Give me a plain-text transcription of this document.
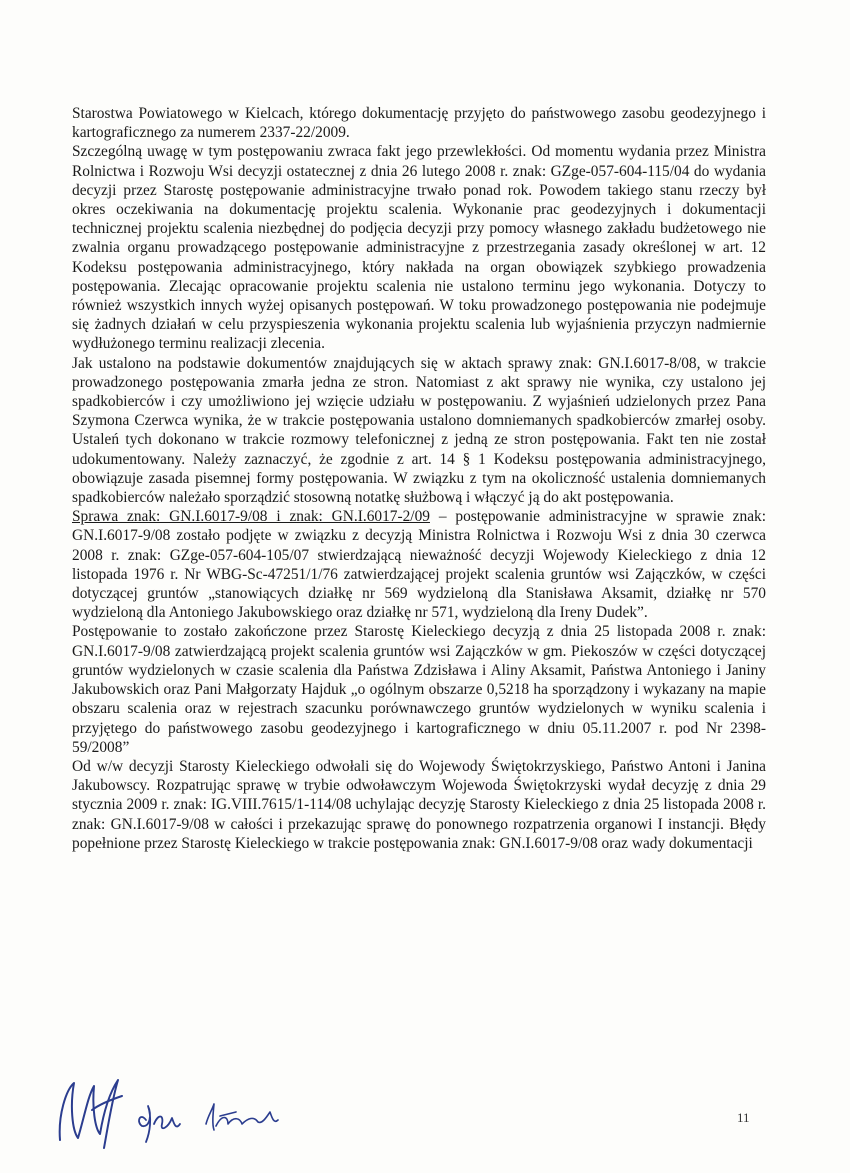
Starostwa Powiatowego w Kielcach, którego dokumentację przyjęto do państwowego zasobu geodezyjnego i kartograficznego za numerem 2337-22/2009.

Szczególną uwagę w tym postępowaniu zwraca fakt jego przewlekłości. Od momentu wydania przez Ministra Rolnictwa i Rozwoju Wsi decyzji ostatecznej z dnia 26 lutego 2008 r. znak: GZge-057-604-115/04 do wydania decyzji przez Starostę postępowanie administracyjne trwało ponad rok. Powodem takiego stanu rzeczy był okres oczekiwania na dokumentację projektu scalenia. Wykonanie prac geodezyjnych i dokumentacji technicznej projektu scalenia niezbędnej do podjęcia decyzji przy pomocy własnego zakładu budżetowego nie zwalnia organu prowadzącego postępowanie administracyjne z przestrzegania zasady określonej w art. 12 Kodeksu postępowania administracyjnego, który nakłada na organ obowiązek szybkiego prowadzenia postępowania. Zlecając opracowanie projektu scalenia nie ustalono terminu jego wykonania. Dotyczy to również wszystkich innych wyżej opisanych postępowań. W toku prowadzonego postępowania nie podejmuje się żadnych działań w celu przyspieszenia wykonania projektu scalenia lub wyjaśnienia przyczyn nadmiernie wydłużonego terminu realizacji zlecenia.

Jak ustalono na podstawie dokumentów znajdujących się w aktach sprawy znak: GN.I.6017-8/08, w trakcie prowadzonego postępowania zmarła jedna ze stron. Natomiast z akt sprawy nie wynika, czy ustalono jej spadkobierców i czy umożliwiono jej wzięcie udziału w postępowaniu. Z wyjaśnień udzielonych przez Pana Szymona Czerwca wynika, że w trakcie postępowania ustalono domniemanych spadkobierców zmarłej osoby. Ustaleń tych dokonano w trakcie rozmowy telefonicznej z jedną ze stron postępowania. Fakt ten nie został udokumentowany. Należy zaznaczyć, że zgodnie z art. 14 § 1 Kodeksu postępowania administracyjnego, obowiązuje zasada pisemnej formy postępowania. W związku z tym na okoliczność ustalenia domniemanych spadkobierców należało sporządzić stosowną notatkę służbową i włączyć ją do akt postępowania.

Sprawa znak: GN.I.6017-9/08 i znak: GN.I.6017-2/09 – postępowanie administracyjne w sprawie znak: GN.I.6017-9/08 zostało podjęte w związku z decyzją Ministra Rolnictwa i Rozwoju Wsi z dnia 30 czerwca 2008 r. znak: GZge-057-604-105/07 stwierdzającą nieważność decyzji Wojewody Kieleckiego z dnia 12 listopada 1976 r. Nr WBG-Sc-47251/1/76 zatwierdzającej projekt scalenia gruntów wsi Zajączków, w części dotyczącej gruntów „stanowiących działkę nr 569 wydzieloną dla Stanisława Aksamit, działkę nr 570 wydzieloną dla Antoniego Jakubowskiego oraz działkę nr 571, wydzieloną dla Ireny Dudek”.

Postępowanie to zostało zakończone przez Starostę Kieleckiego decyzją z dnia 25 listopada 2008 r. znak: GN.I.6017-9/08 zatwierdzającą projekt scalenia gruntów wsi Zajączków w gm. Piekoszów w części dotyczącej gruntów wydzielonych w czasie scalenia dla Państwa Zdzisława i Aliny Aksamit, Państwa Antoniego i Janiny Jakubowskich oraz Pani Małgorzaty Hajduk „o ogólnym obszarze 0,5218 ha sporządzony i wykazany na mapie obszaru scalenia oraz w rejestrach szacunku porównawczego gruntów wydzielonych w wyniku scalenia i przyjętego do państwowego zasobu geodezyjnego i kartograficznego w dniu 05.11.2007 r. pod Nr 2398-59/2008”

Od w/w decyzji Starosty Kieleckiego odwołali się do Wojewody Świętokrzyskiego, Państwo Antoni i Janina Jakubowscy. Rozpatrując sprawę w trybie odwoławczym Wojewoda Świętokrzyski wydał decyzję z dnia 29 stycznia 2009 r. znak: IG.VIII.7615/1-114/08 uchylając decyzję Starosty Kieleckiego z dnia 25 listopada 2008 r. znak: GN.I.6017-9/08 w całości i przekazując sprawę do ponownego rozpatrzenia organowi I instancji. Błędy popełnione przez Starostę Kieleckiego w trakcie postępowania znak: GN.I.6017-9/08 oraz wady dokumentacji

11
